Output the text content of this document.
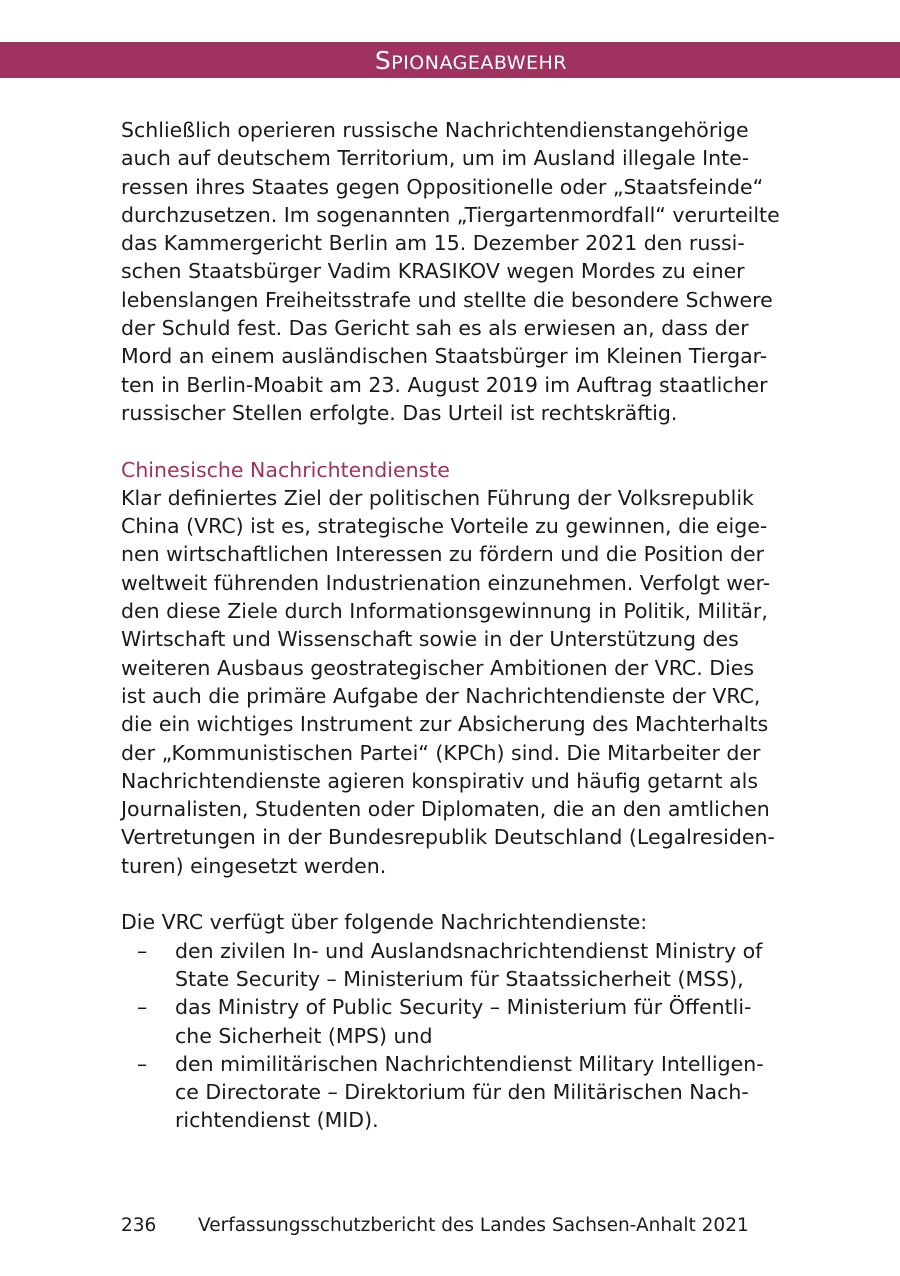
SPIONAGEABWEHR
Schließlich operieren russische Nachrichtendienstangehörige
auch auf deutschem Territorium, um im Ausland illegale Inte-
ressen ihres Staates gegen Oppositionelle oder „Staatsfeinde“
durchzusetzen. Im sogenannten „Tiergartenmordfall“ verurteilte
das Kammergericht Berlin am 15. Dezember 2021 den russi-
schen Staatsbürger Vadim KRASIKOV wegen Mordes zu einer
lebenslangen Freiheitsstrafe und stellte die besondere Schwere
der Schuld fest. Das Gericht sah es als erwiesen an, dass der
Mord an einem ausländischen Staatsbürger im Kleinen Tiergar-
ten in Berlin-Moabit am 23. August 2019 im Auftrag staatlicher
russischer Stellen erfolgte. Das Urteil ist rechtskräftig.
Chinesische Nachrichtendienste
Klar definiertes Ziel der politischen Führung der Volksrepublik
China (VRC) ist es, strategische Vorteile zu gewinnen, die eige-
nen wirtschaftlichen Interessen zu fördern und die Position der
weltweit führenden Industrienation einzunehmen. Verfolgt wer-
den diese Ziele durch Informationsgewinnung in Politik, Militär,
Wirtschaft und Wissenschaft sowie in der Unterstützung des
weiteren Ausbaus geostrategischer Ambitionen der VRC. Dies
ist auch die primäre Aufgabe der Nachrichtendienste der VRC,
die ein wichtiges Instrument zur Absicherung des Machterhalts
der „Kommunistischen Partei“ (KPCh) sind. Die Mitarbeiter der
Nachrichtendienste agieren konspirativ und häufig getarnt als
Journalisten, Studenten oder Diplomaten, die an den amtlichen
Vertretungen in der Bundesrepublik Deutschland (Legalresiden-
turen) eingesetzt werden.
Die VRC verfügt über folgende Nachrichtendienste:
– den zivilen In- und Auslandsnachrichtendienst Ministry of
State Security – Ministerium für Staatssicherheit (MSS),
– das Ministry of Public Security – Ministerium für Öffentli-
che Sicherheit (MPS) und
– den mimilitärischen Nachrichtendienst Military Intelligen-
ce Directorate – Direktorium für den Militärischen Nach-
richtendienst (MID).
236 Verfassungsschutzbericht des Landes Sachsen-Anhalt 2021
